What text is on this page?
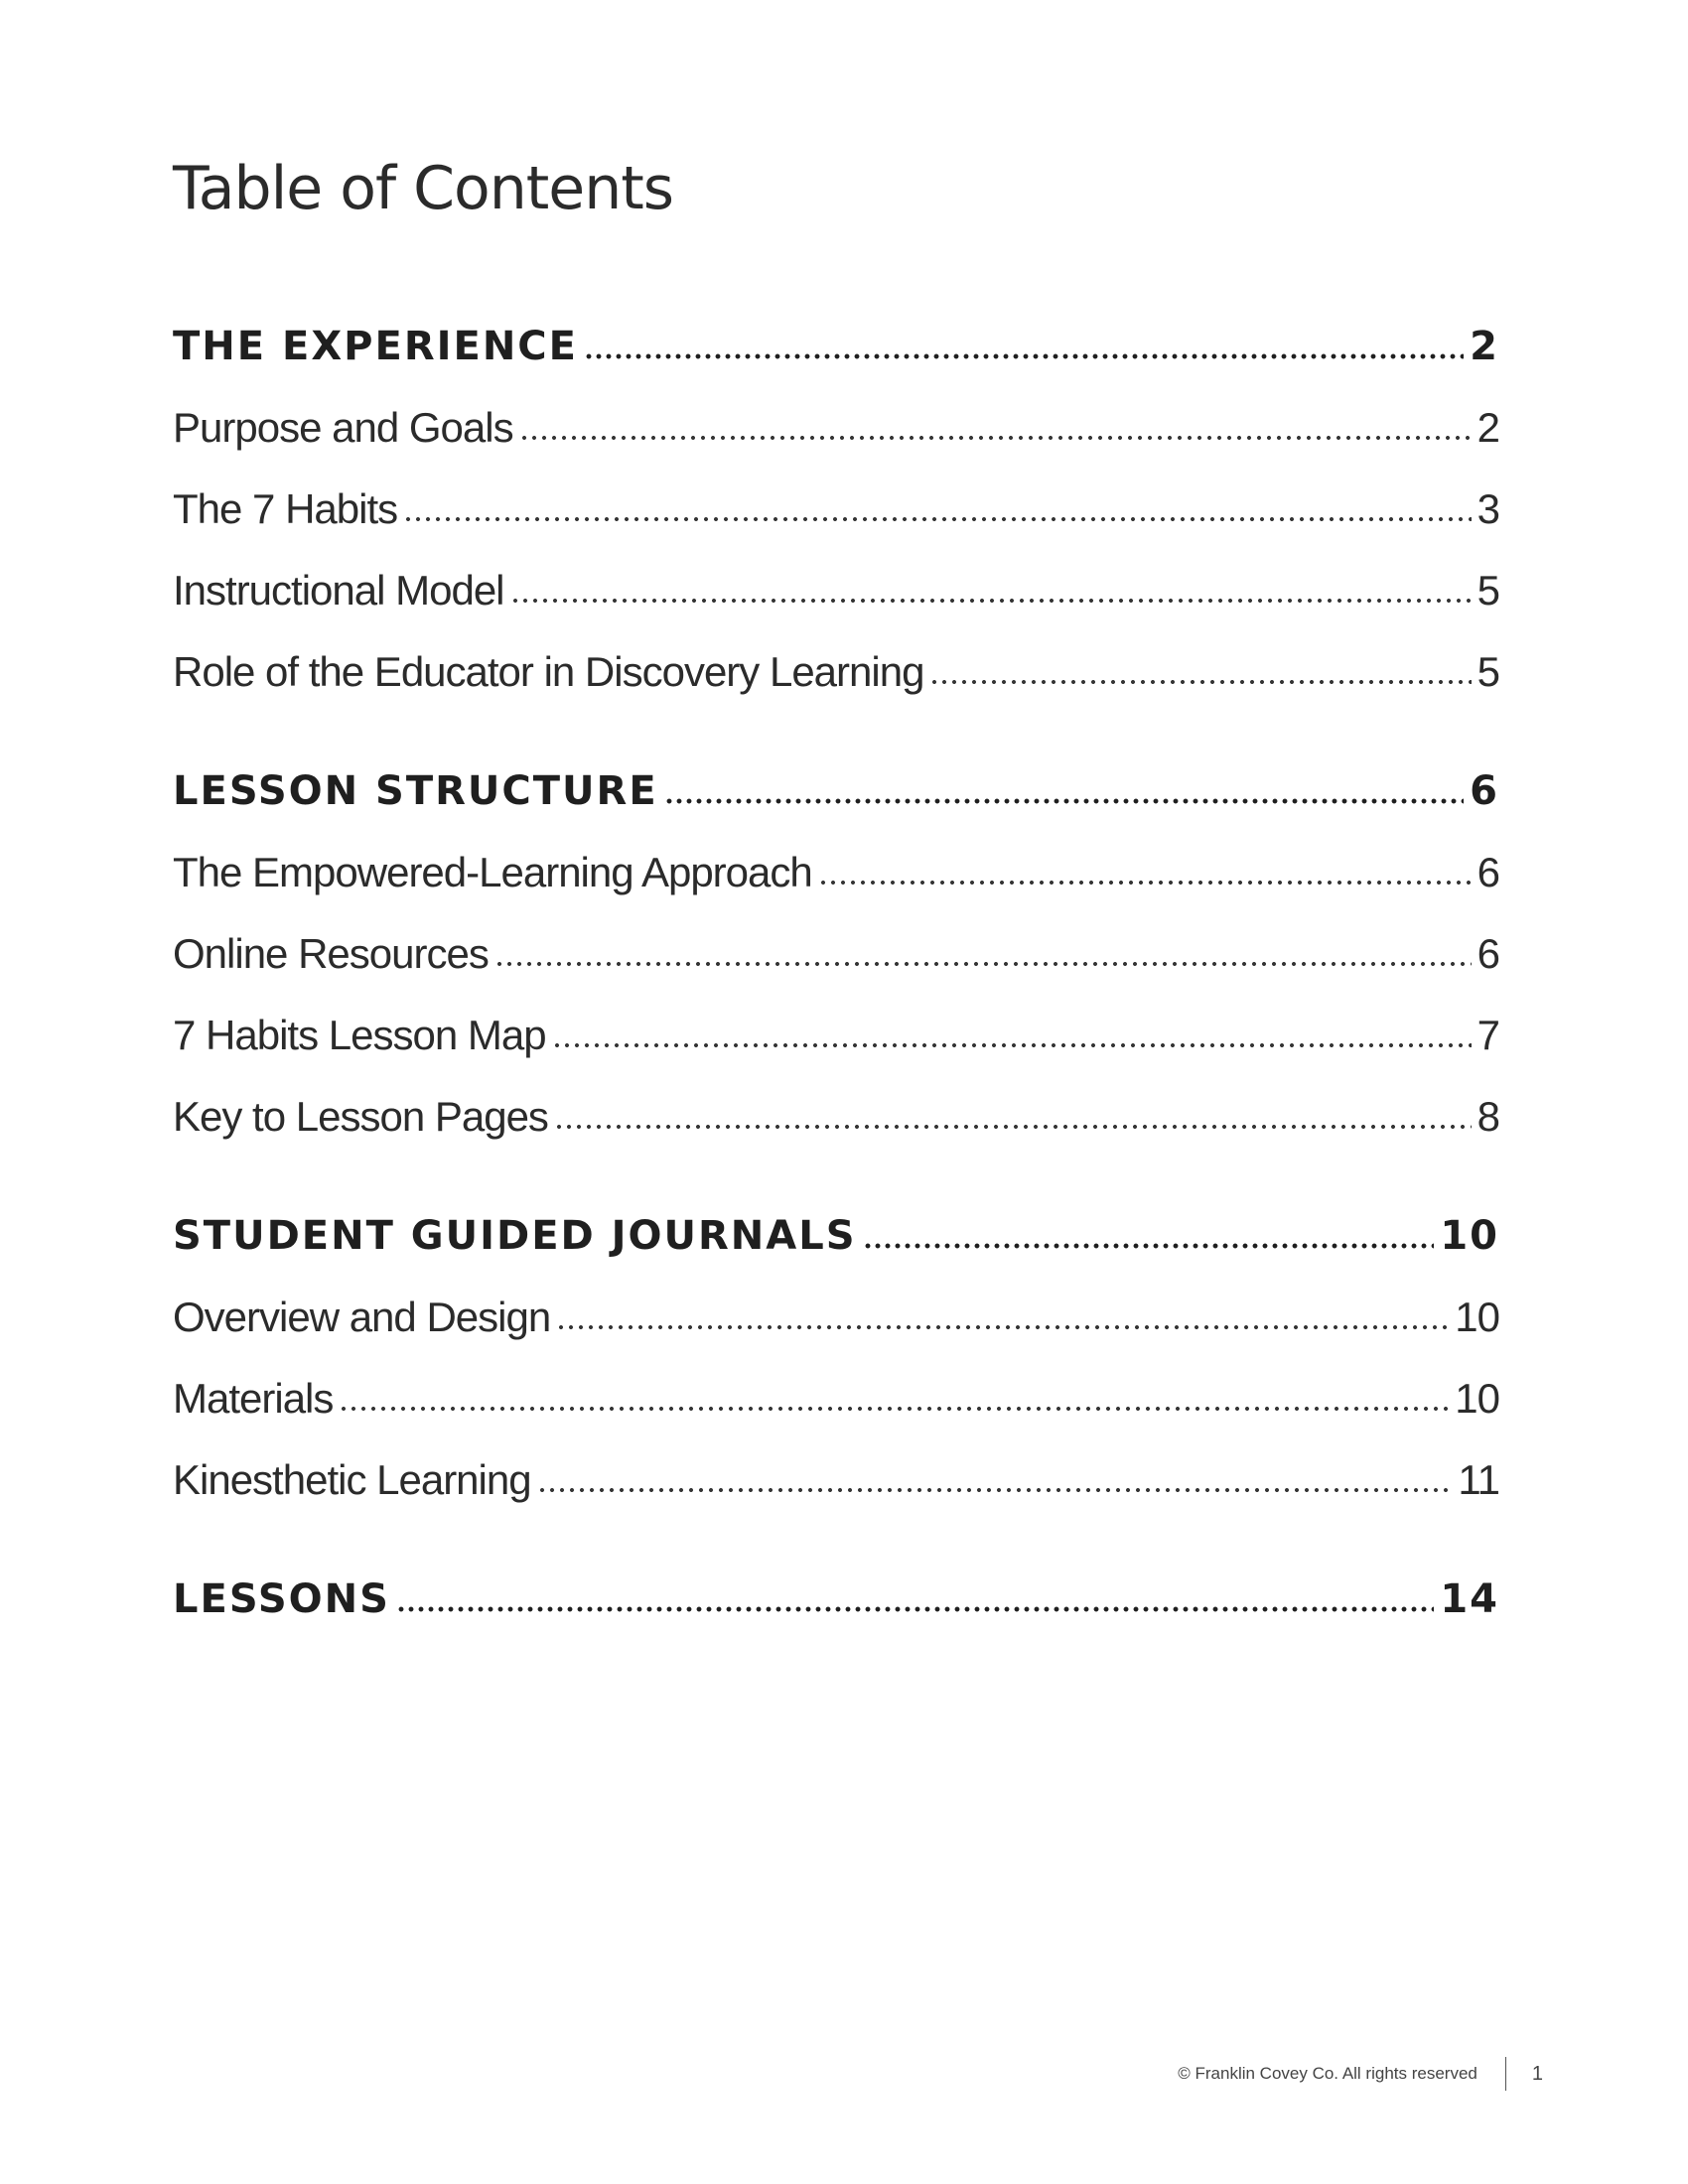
Table of Contents
THE EXPERIENCE	2
Purpose and Goals	2
The 7 Habits	3
Instructional Model	5
Role of the Educator in Discovery Learning	5
LESSON STRUCTURE	6
The Empowered-Learning Approach	6
Online Resources	6
7 Habits Lesson Map	7
Key to Lesson Pages	8
STUDENT GUIDED JOURNALS	10
Overview and Design	10
Materials	10
Kinesthetic Learning	11
LESSONS	14
© Franklin Covey Co. All rights reserved	1
